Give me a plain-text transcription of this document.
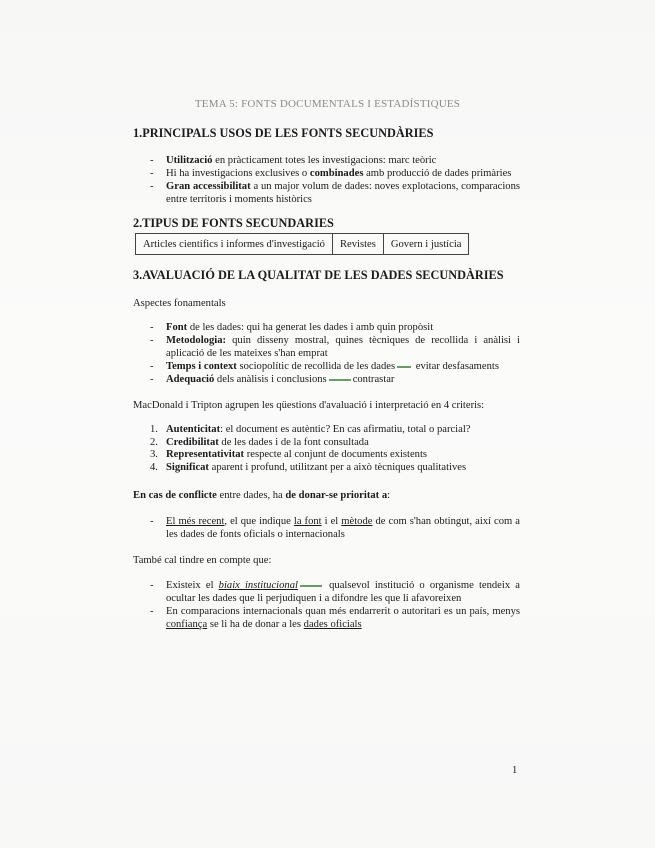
TEMA 5: FONTS DOCUMENTALS I ESTADÍSTIQUES
1.PRINCIPALS USOS DE LES FONTS SECUNDÀRIES
- Utilització en pràcticament totes les investigacions: marc teòric
- Hi ha investigacions exclusives o combinades amb producció de dades primàries
- Gran accessibilitat a un major volum de dades: noves explotacions, comparacions entre territoris i moments històrics
2.TIPUS DE FONTS SECUNDARIES
Articles científics i informes d'investigació	Revistes	Govern i justícia
3.AVALUACIÓ DE LA QUALITAT DE LES DADES SECUNDÀRIES
Aspectes fonamentals
- Font de les dades: qui ha generat les dades i amb quin propòsit
- Metodologia: quin disseny mostral, quines tècniques de recollida i anàlisi i aplicació de les mateixes s'han emprat
- Temps i context sociopolític de recollida de les dades evitar desfasaments
- Adequació dels anàlisis i conclusions contrastar
MacDonald i Tripton agrupen les qüestions d'avaluació i interpretació en 4 criteris:
1. Autenticitat: el document es autèntic? En cas afirmatiu, total o parcial?
2. Credibilitat de les dades i de la font consultada
3. Representativitat respecte al conjunt de documents existents
4. Significat aparent i profund, utilitzant per a això tècniques qualitatives
En cas de conflicte entre dades, ha de donar-se prioritat a:
- El més recent, el que indique la font i el mètode de com s'han obtingut, així com a les dades de fonts oficials o internacionals
També cal tindre en compte que:
- Existeix el biaix institucional qualsevol institució o organisme tendeix a ocultar les dades que li perjudiquen i a difondre les que li afavoreixen
- En comparacions internacionals quan més endarrerit o autoritari es un país, menys confiança se li ha de donar a les dades oficials
1
